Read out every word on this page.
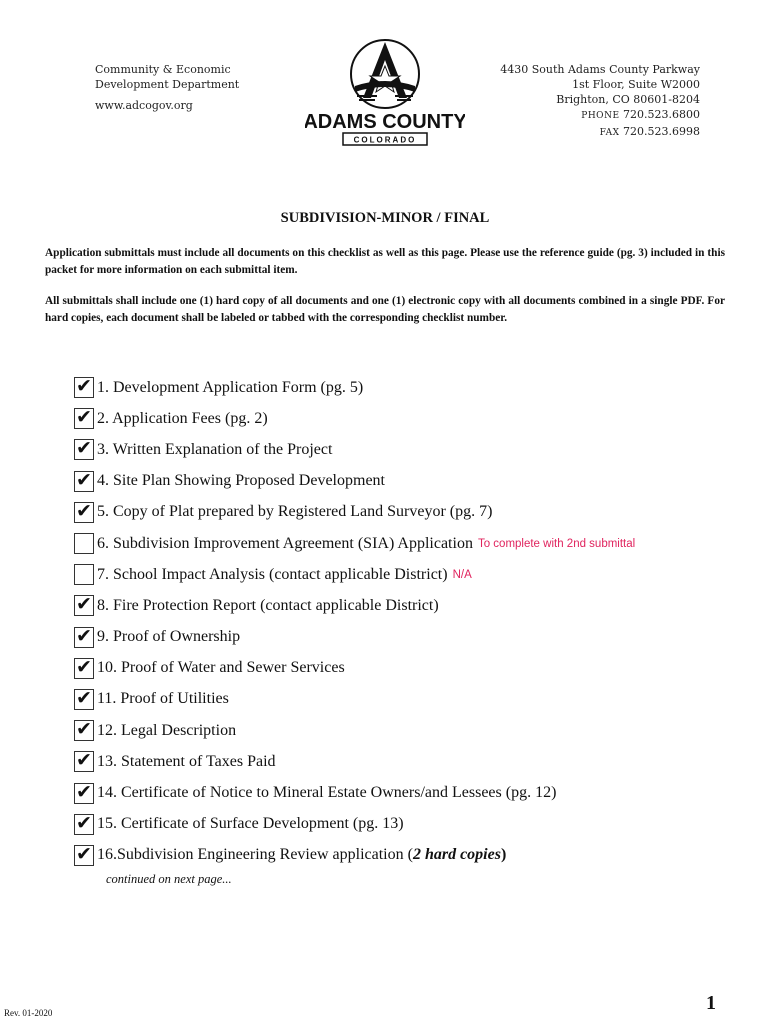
Community & Economic
Development Department
www.adcogov.org
ADAMS COUNTY
COLORADO
4430 South Adams County Parkway
1st Floor, Suite W2000
Brighton, CO 80601-8204
PHONE 720.523.6800
FAX 720.523.6998
SUBDIVISION-MINOR / FINAL
Application submittals must include all documents on this checklist as well as this page. Please use the reference guide (pg. 3) included in this packet for more information on each submittal item.
All submittals shall include one (1) hard copy of all documents and one (1) electronic copy with all documents combined in a single PDF. For hard copies, each document shall be labeled or tabbed with the corresponding checklist number.
✔ 1. Development Application Form (pg. 5)
✔ 2. Application Fees (pg. 2)
✔ 3. Written Explanation of the Project
✔ 4. Site Plan Showing Proposed Development
✔ 5. Copy of Plat prepared by Registered Land Surveyor (pg. 7)
6. Subdivision Improvement Agreement (SIA) Application To complete with 2nd submittal
7. School Impact Analysis (contact applicable District) N/A
✔ 8. Fire Protection Report (contact applicable District)
✔ 9. Proof of Ownership
✔ 10. Proof of Water and Sewer Services
✔ 11. Proof of Utilities
✔ 12. Legal Description
✔ 13. Statement of Taxes Paid
✔ 14. Certificate of Notice to Mineral Estate Owners/and Lessees (pg. 12)
✔ 15. Certificate of Surface Development (pg. 13)
✔ 16.Subdivision Engineering Review application (2 hard copies)
continued on next page...
Rev. 01-2020	1
